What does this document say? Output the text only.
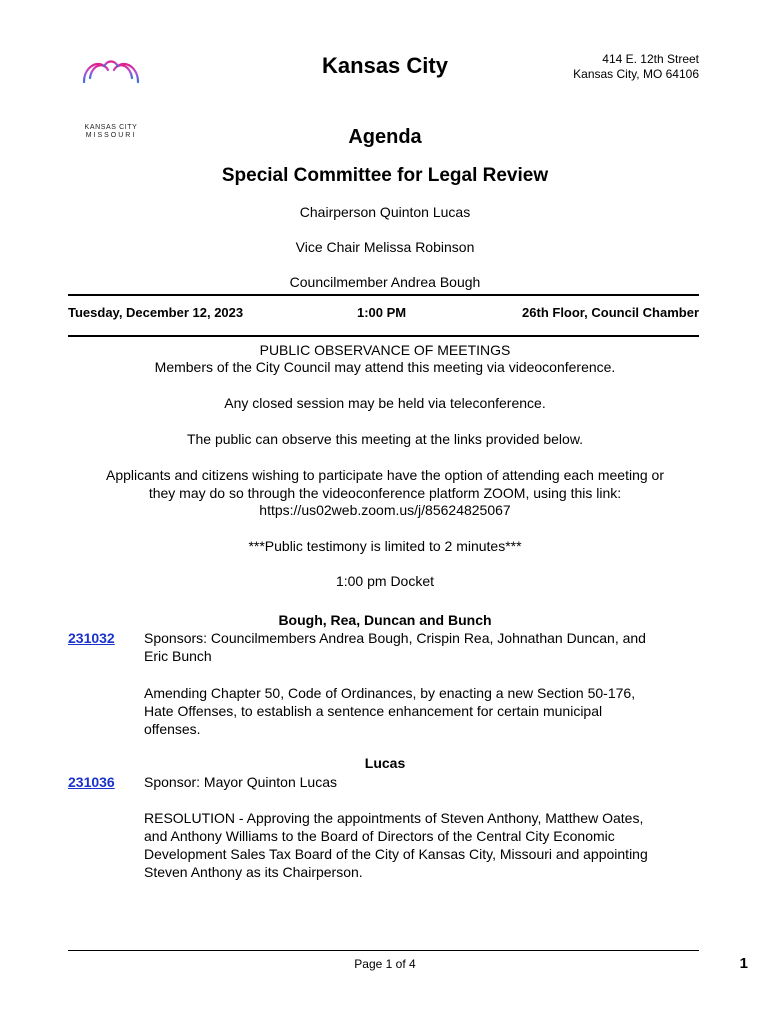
KANSAS CITY
MISSOURI
Kansas City	414 E. 12th Street
Kansas City, MO 64106
Agenda
Special Committee for Legal Review
Chairperson Quinton Lucas
Vice Chair Melissa Robinson
Councilmember Andrea Bough
Tuesday, December 12, 2023	1:00 PM	26th Floor, Council Chamber
PUBLIC OBSERVANCE OF MEETINGS
Members of the City Council may attend this meeting via videoconference.
Any closed session may be held via teleconference.
The public can observe this meeting at the links provided below.
Applicants and citizens wishing to participate have the option of attending each meeting or
they may do so through the videoconference platform ZOOM, using this link:
https://us02web.zoom.us/j/85624825067
***Public testimony is limited to 2 minutes***
1:00 pm Docket
Bough, Rea, Duncan and Bunch
231032 Sponsors: Councilmembers Andrea Bough, Crispin Rea, Johnathan Duncan, and
Eric Bunch
Amending Chapter 50, Code of Ordinances, by enacting a new Section 50-176,
Hate Offenses, to establish a sentence enhancement for certain municipal
offenses.
Lucas
231036 Sponsor: Mayor Quinton Lucas
RESOLUTION - Approving the appointments of Steven Anthony, Matthew Oates,
and Anthony Williams to the Board of Directors of the Central City Economic
Development Sales Tax Board of the City of Kansas City, Missouri and appointing
Steven Anthony as its Chairperson.
Page 1 of 4	1
